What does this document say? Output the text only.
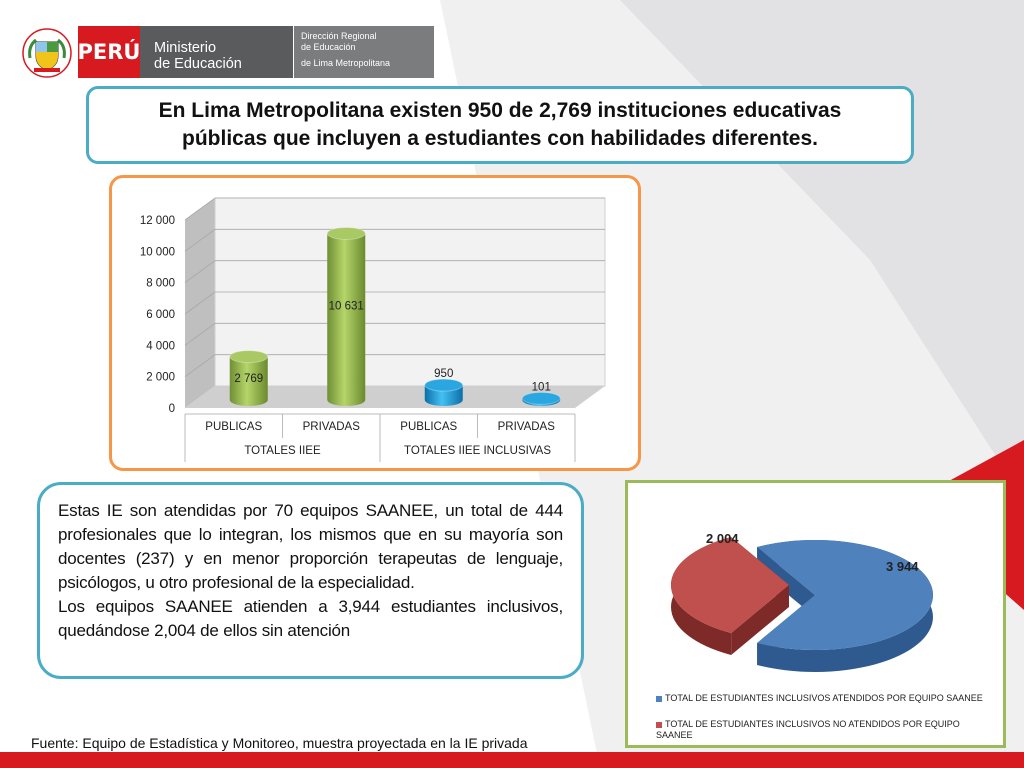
PERÚ Ministerio
de Educación
Dirección Regional
de Educación
de Lima Metropolitana
En Lima Metropolitana existen 950 de 2,769 instituciones educativas
públicas que incluyen a estudiantes con habilidades diferentes.
0
2 000
4 000
6 000
8 000
10 000
12 000
2 769
10 631
950
101
PUBLICAS	PRIVADAS	PUBLICAS	PRIVADAS
TOTALES IIEE	TOTALES IIEE INCLUSIVAS

Estas IE son atendidas por 70 equipos SAANEE, un total de 444 profesionales que lo integran, los mismos que en su mayoría son docentes (237) y en menor proporción terapeutas de lenguaje, psicólogos, u otro profesional de la especialidad.

Los equipos SAANEE atienden a 3,944 estudiantes inclusivos, quedándose 2,004 de ellos sin atención

3 944
2 004
TOTAL DE ESTUDIANTES INCLUSIVOS ATENDIDOS POR EQUIPO SAANEE
TOTAL DE ESTUDIANTES INCLUSIVOS NO ATENDIDOS POR EQUIPO SAANEE
Fuente: Equipo de Estadística y Monitoreo, muestra proyectada en la IE privada
